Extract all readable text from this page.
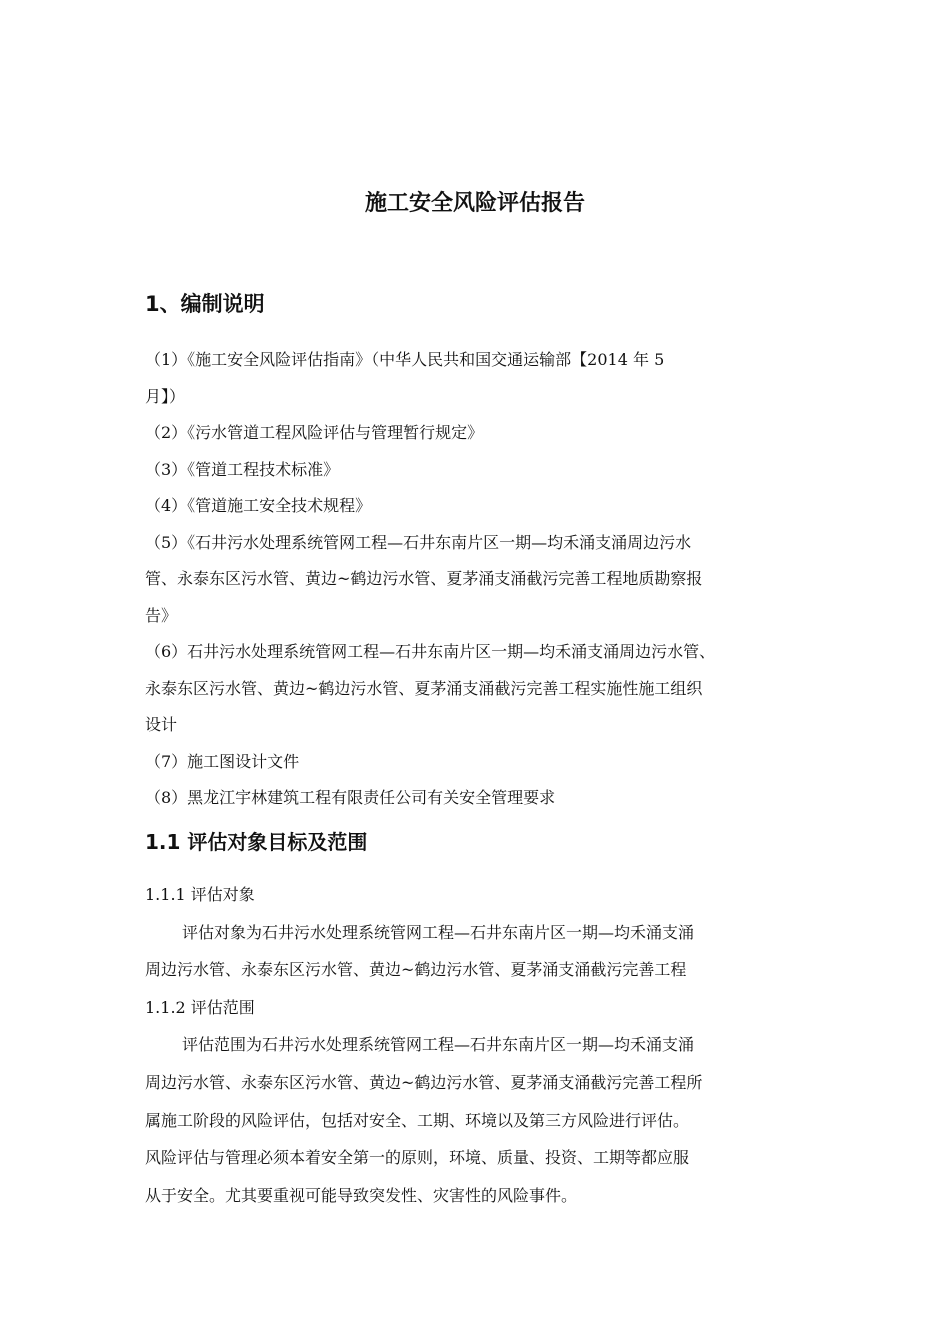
施工安全风险评估报告
1、编制说明
（1）《施工安全风险评估指南》（中华人民共和国交通运输部【2014 年 5
月】）
（2）《污水管道工程风险评估与管理暂行规定》
（3）《管道工程技术标准》
（4）《管道施工安全技术规程》
（5）《石井污水处理系统管网工程—石井东南片区一期—均禾涌支涌周边污水
管、永泰东区污水管、黄边~鹤边污水管、夏茅涌支涌截污完善工程地质勘察报
告》
（6）石井污水处理系统管网工程—石井东南片区一期—均禾涌支涌周边污水管、
永泰东区污水管、黄边~鹤边污水管、夏茅涌支涌截污完善工程实施性施工组织
设计
（7）施工图设计文件
（8）黑龙江宇林建筑工程有限责任公司有关安全管理要求
1.1 评估对象目标及范围
1.1.1 评估对象
评估对象为石井污水处理系统管网工程—石井东南片区一期—均禾涌支涌
周边污水管、永泰东区污水管、黄边~鹤边污水管、夏茅涌支涌截污完善工程
1.1.2 评估范围
评估范围为石井污水处理系统管网工程—石井东南片区一期—均禾涌支涌
周边污水管、永泰东区污水管、黄边~鹤边污水管、夏茅涌支涌截污完善工程所
属施工阶段的风险评估，包括对安全、工期、环境以及第三方风险进行评估。
风险评估与管理必须本着安全第一的原则，环境、质量、投资、工期等都应服
从于安全。尤其要重视可能导致突发性、灾害性的风险事件。
